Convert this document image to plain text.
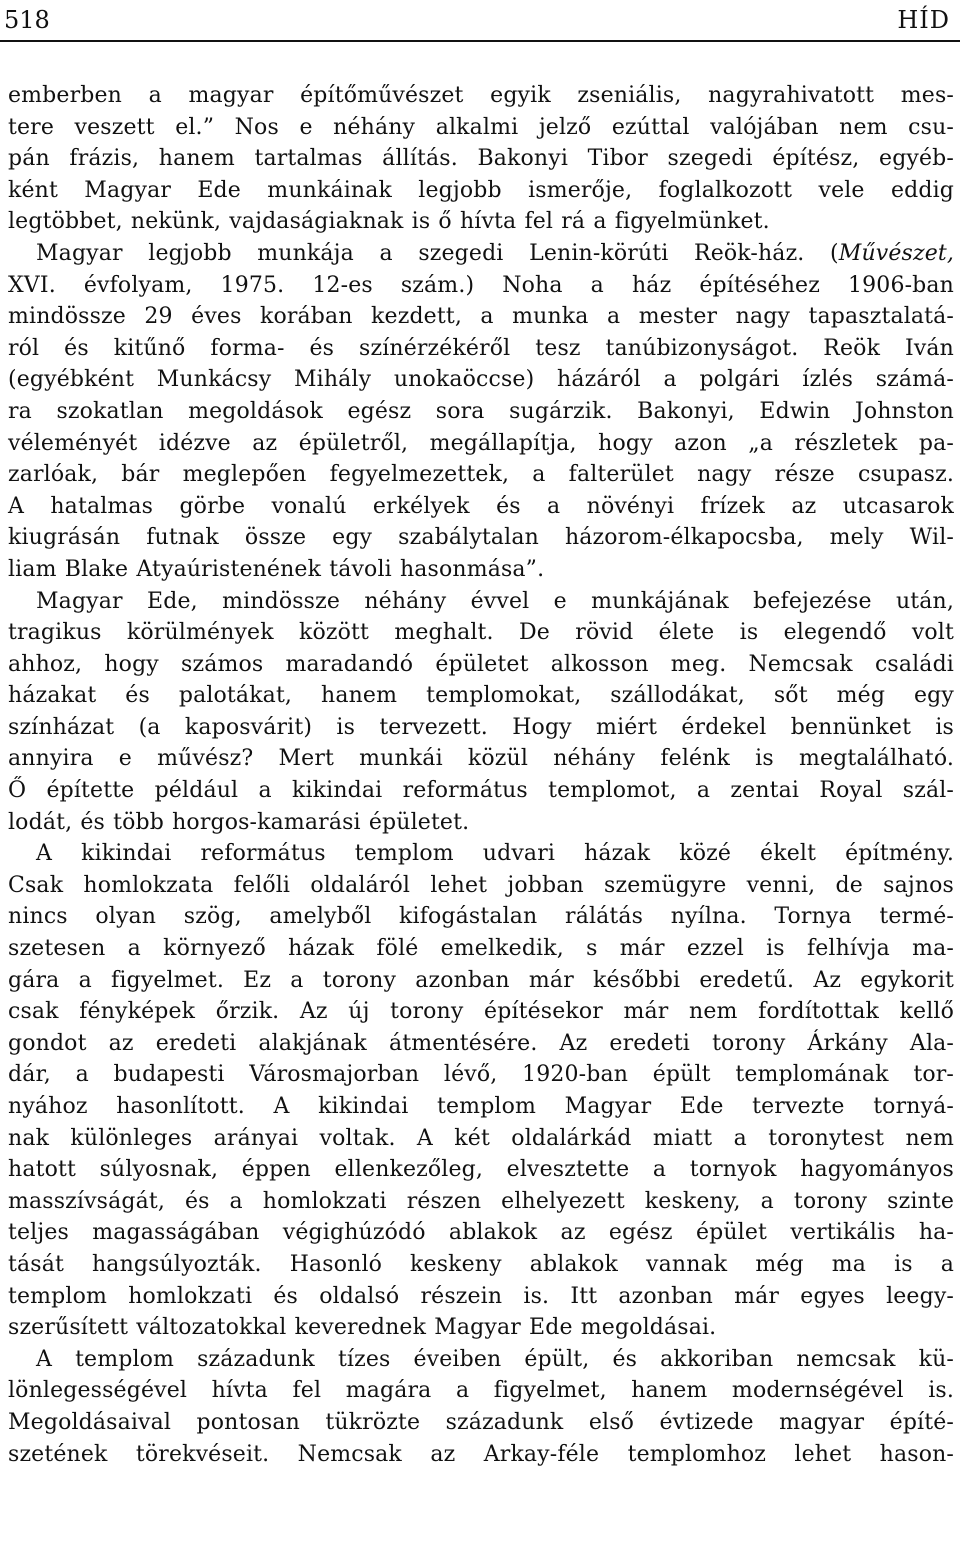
518	HÍD

emberben a magyar építőművészet egyik zseniális, nagyrahivatott mes-
tere veszett el.” Nos e néhány alkalmi jelző ezúttal valójában nem csu-
pán frázis, hanem tartalmas állítás. Bakonyi Tibor szegedi építész, egyéb-
ként Magyar Ede munkáinak legjobb ismerője, foglalkozott vele eddig
legtöbbet, nekünk, vajdaságiaknak is ő hívta fel rá a figyelmünket.

Magyar legjobb munkája a szegedi Lenin-körúti Reök-ház. (Művészet,
XVI. évfolyam, 1975. 12-es szám.) Noha a ház építéséhez 1906-ban
mindössze 29 éves korában kezdett, a munka a mester nagy tapasztalatá-
ról és kitűnő forma- és színérzékéről tesz tanúbizonyságot. Reök Iván
(egyébként Munkácsy Mihály unokaöccse) házáról a polgári ízlés számá-
ra szokatlan megoldások egész sora sugárzik. Bakonyi, Edwin Johnston
véleményét idézve az épületről, megállapítja, hogy azon „a részletek pa-
zarlóak, bár meglepően fegyelmezettek, a falterület nagy része csupasz.
A hatalmas görbe vonalú erkélyek és a növényi frízek az utcasarok
kiugrásán futnak össze egy szabálytalan házorom-élkapocsba, mely Wil-
liam Blake Atyaúristenének távoli hasonmása”.

Magyar Ede, mindössze néhány évvel e munkájának befejezése után,
tragikus körülmények között meghalt. De rövid élete is elegendő volt
ahhoz, hogy számos maradandó épületet alkosson meg. Nemcsak családi
házakat és palotákat, hanem templomokat, szállodákat, sőt még egy
színházat (a kaposvárit) is tervezett. Hogy miért érdekel bennünket is
annyira e művész? Mert munkái közül néhány felénk is megtalálható.
Ő építette például a kikindai református templomot, a zentai Royal szál-
lodát, és több horgos-kamarási épületet.

A kikindai református templom udvari házak közé ékelt építmény.
Csak homlokzata felőli oldaláról lehet jobban szemügyre venni, de sajnos
nincs olyan szög, amelyből kifogástalan rálátás nyílna. Tornya termé-
szetesen a környező házak fölé emelkedik, s már ezzel is felhívja ma-
gára a figyelmet. Ez a torony azonban már későbbi eredetű. Az egykorit
csak fényképek őrzik. Az új torony építésekor már nem fordítottak kellő
gondot az eredeti alakjának átmentésére. Az eredeti torony Árkány Ala-
dár, a budapesti Városmajorban lévő, 1920-ban épült templomának tor-
nyához hasonlított. A kikindai templom Magyar Ede tervezte tornyá-
nak különleges arányai voltak. A két oldalárkád miatt a toronytest nem
hatott súlyosnak, éppen ellenkezőleg, elvesztette a tornyok hagyományos
masszívságát, és a homlokzati részen elhelyezett keskeny, a torony szinte
teljes magasságában végighúzódó ablakok az egész épület vertikális ha-
tását hangsúlyozták. Hasonló keskeny ablakok vannak még ma is a
templom homlokzati és oldalsó részein is. Itt azonban már egyes leegy-
szerűsített változatokkal keverednek Magyar Ede megoldásai.

A templom századunk tízes éveiben épült, és akkoriban nemcsak kü-
lönlegességével hívta fel magára a figyelmet, hanem modernségével is.
Megoldásaival pontosan tükrözte századunk első évtizede magyar építé-
szetének törekvéseit. Nemcsak az Arkay-féle templomhoz lehet hason-
